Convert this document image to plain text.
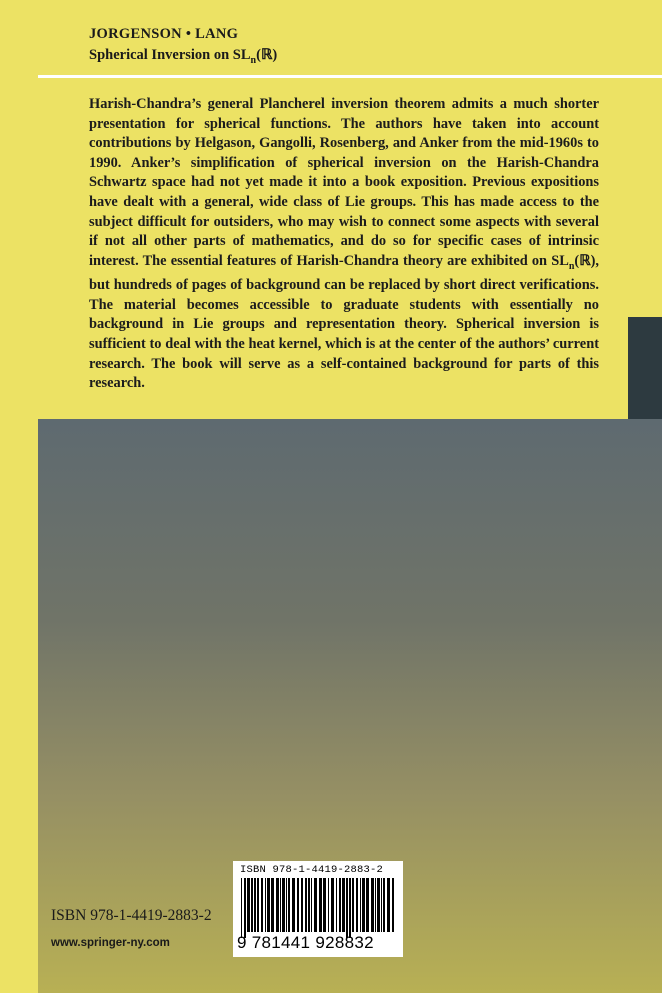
JORGENSON • LANG
Spherical Inversion on $SL_n(ℝ)$

Harish-Chandra’s general Plancherel inversion theorem admits a much shorter presentation for spherical functions. The authors have taken into account contributions by Helgason, Gangolli, Rosenberg, and Anker from the mid-1960s to 1990. Anker’s simplification of spherical inversion on the Harish-Chandra Schwartz space had not yet made it into a book exposition. Previous expositions have dealt with a general, wide class of Lie groups. This has made access to the subject difficult for outsiders, who may wish to connect some aspects with several if not all other parts of mathematics, and do so for specific cases of intrinsic interest. The essential features of Harish-Chandra theory are exhibited on $SL_n(ℝ)$, but hundreds of pages of background can be replaced by short direct verifications. The material becomes accessible to graduate students with essentially no background in Lie groups and representation theory. Spherical inversion is sufficient to deal with the heat kernel, which is at the center of the authors’ current research. The book will serve as a self-contained background for parts of this research.

ISBN 978-1-4419-2883-2
www.springer-ny.com
ISBN 978-1-4419-2883-2
9 781441 928832
